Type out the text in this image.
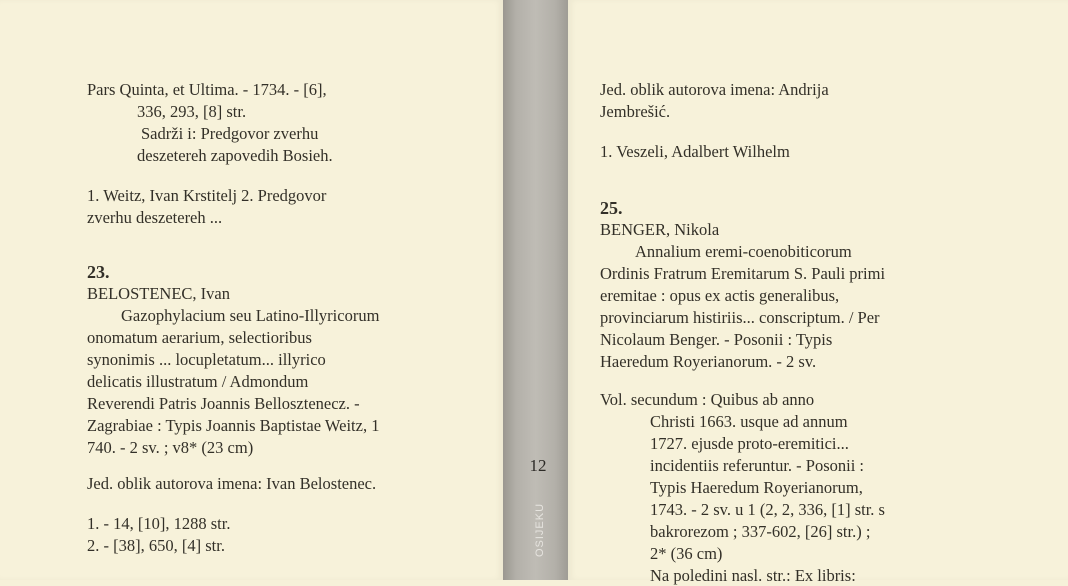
Pars Quinta, et Ultima. - 1734. - [6],
336, 293, [8] str.
Sadrži i: Predgovor zverhu
deszetereh zapovedih Bosieh.
1. Weitz, Ivan Krstitelj 2. Predgovor
zverhu deszetereh ...
23.
BELOSTENEC, Ivan
Gazophylacium seu Latino-Illyricorum
onomatum aerarium, selectioribus
synonimis ... locupletatum... illyrico
delicatis illustratum / Admondum
Reverendi Patris Joannis Bellosztenecz. -
Zagrabiae : Typis Joannis Baptistae Weitz, 1
740. - 2 sv. ; v8* (23 cm)
Jed. oblik autorova imena: Ivan Belostenec.
1. - 14, [10], 1288 str.
2. - [38], 650, [4] str.
12
OSIJEKU
Jed. oblik autorova imena: Andrija
Jembrešić.
1. Veszeli, Adalbert Wilhelm
25.
BENGER, Nikola
Annalium eremi-coenobiticorum
Ordinis Fratrum Eremitarum S. Pauli primi
eremitae : opus ex actis generalibus,
provinciarum histiriis... conscriptum. / Per
Nicolaum Benger. - Posonii : Typis
Haeredum Royerianorum. - 2 sv.
Vol. secundum : Quibus ab anno
Christi 1663. usque ad annum
1727. ejusde proto-eremitici...
incidentiis referuntur. - Posonii :
Typis Haeredum Royerianorum,
1743. - 2 sv. u 1 (2, 2, 336, [1] str. s
bakrorezom ; 337-602, [26] str.) ;
2* (36 cm)
Na poledini nasl. str.: Ex libris:
